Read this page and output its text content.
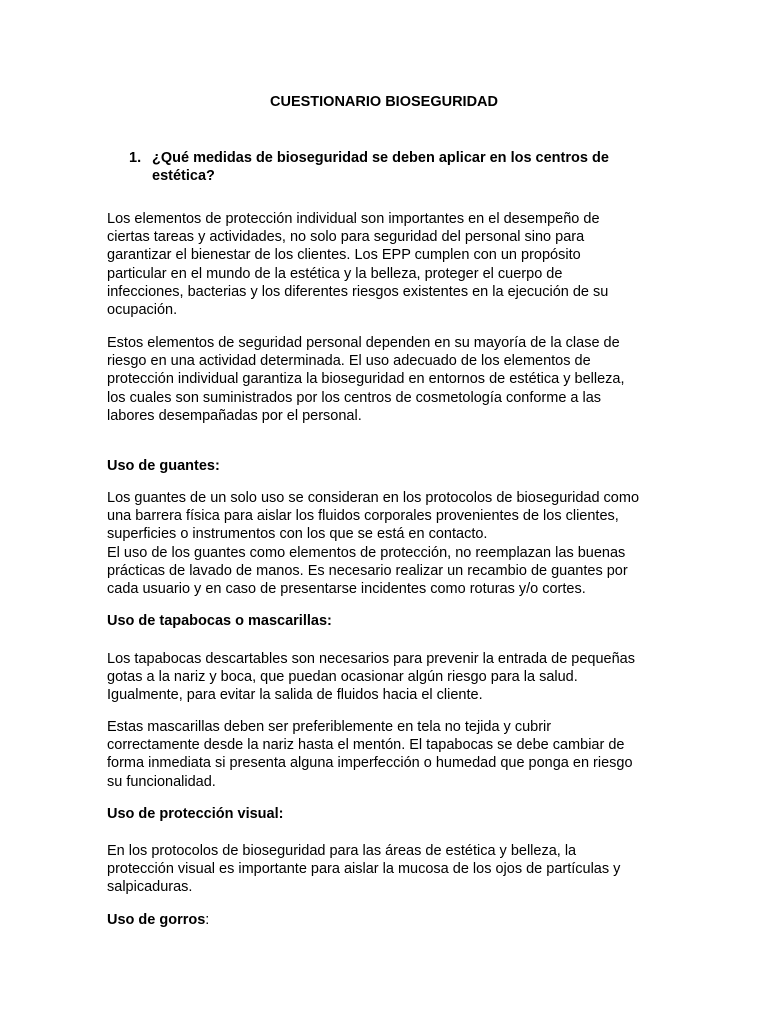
CUESTIONARIO BIOSEGURIDAD
1. ¿Qué medidas de bioseguridad se deben aplicar en los centros de
estética?

Los elementos de protección individual son importantes en el desempeño de
ciertas tareas y actividades, no solo para seguridad del personal sino para
garantizar el bienestar de los clientes. Los EPP cumplen con un propósito
particular en el mundo de la estética y la belleza, proteger el cuerpo de
infecciones, bacterias y los diferentes riesgos existentes en la ejecución de su
ocupación.

Estos elementos de seguridad personal dependen en su mayoría de la clase de
riesgo en una actividad determinada. El uso adecuado de los elementos de
protección individual garantiza la bioseguridad en entornos de estética y belleza,
los cuales son suministrados por los centros de cosmetología conforme a las
labores desempañadas por el personal.

Uso de guantes:

Los guantes de un solo uso se consideran en los protocolos de bioseguridad como
una barrera física para aislar los fluidos corporales provenientes de los clientes,
superficies o instrumentos con los que se está en contacto.
El uso de los guantes como elementos de protección, no reemplazan las buenas
prácticas de lavado de manos. Es necesario realizar un recambio de guantes por
cada usuario y en caso de presentarse incidentes como roturas y/o cortes.

Uso de tapabocas o mascarillas:

Los tapabocas descartables son necesarios para prevenir la entrada de pequeñas
gotas a la nariz y boca, que puedan ocasionar algún riesgo para la salud.
Igualmente, para evitar la salida de fluidos hacia el cliente.

Estas mascarillas deben ser preferiblemente en tela no tejida y cubrir
correctamente desde la nariz hasta el mentón. El tapabocas se debe cambiar de
forma inmediata si presenta alguna imperfección o humedad que ponga en riesgo
su funcionalidad.

Uso de protección visual:

En los protocolos de bioseguridad para las áreas de estética y belleza, la
protección visual es importante para aislar la mucosa de los ojos de partículas y
salpicaduras.

Uso de gorros:
